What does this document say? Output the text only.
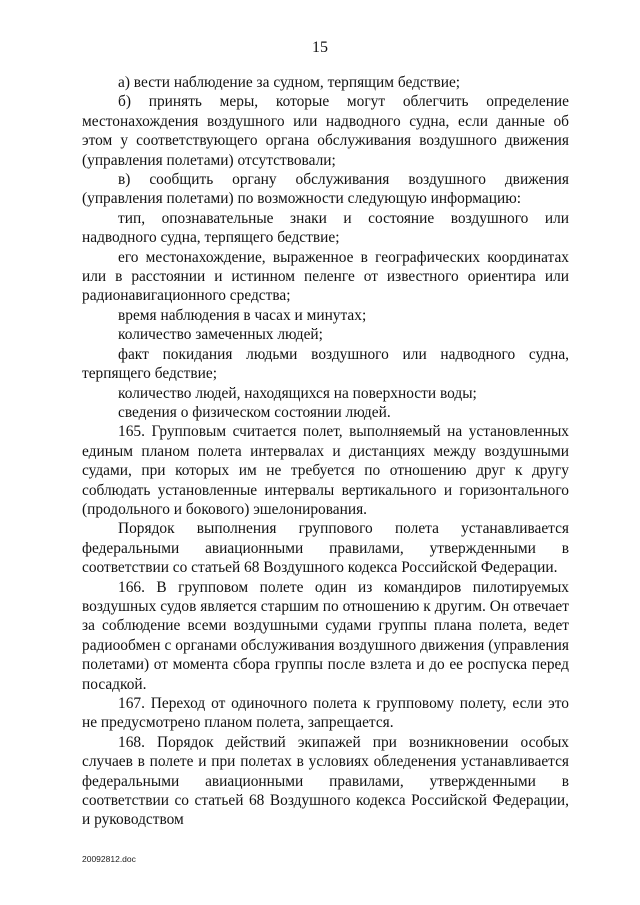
15

а) вести наблюдение за судном, терпящим бедствие;

б) принять меры, которые могут облегчить определение местонахождения воздушного или надводного судна, если данные об этом у соответствующего органа обслуживания воздушного движения (управления полетами) отсутствовали;

в) сообщить органу обслуживания воздушного движения (управления полетами) по возможности следующую информацию:

тип, опознавательные знаки и состояние воздушного или надводного судна, терпящего бедствие;

его местонахождение, выраженное в географических координатах или в расстоянии и истинном пеленге от известного ориентира или радионавигационного средства;

время наблюдения в часах и минутах;

количество замеченных людей;

факт покидания людьми воздушного или надводного судна, терпящего бедствие;

количество людей, находящихся на поверхности воды;

сведения о физическом состоянии людей.

165. Групповым считается полет, выполняемый на установленных единым планом полета интервалах и дистанциях между воздушными судами, при которых им не требуется по отношению друг к другу соблюдать установленные интервалы вертикального и горизонтального (продольного и бокового) эшелонирования.

Порядок выполнения группового полета устанавливается федеральными авиационными правилами, утвержденными в соответствии со статьей 68 Воздушного кодекса Российской Федерации.

166. В групповом полете один из командиров пилотируемых воздушных судов является старшим по отношению к другим. Он отвечает за соблюдение всеми воздушными судами группы плана полета, ведет радиообмен с органами обслуживания воздушного движения (управления полетами) от момента сбора группы после взлета и до ее роспуска перед посадкой.

167. Переход от одиночного полета к групповому полету, если это не предусмотрено планом полета, запрещается.

168. Порядок действий экипажей при возникновении особых случаев в полете и при полетах в условиях обледенения устанавливается федеральными авиационными правилами, утвержденными в соответствии со статьей 68 Воздушного кодекса Российской Федерации, и руководством

20092812.doc
